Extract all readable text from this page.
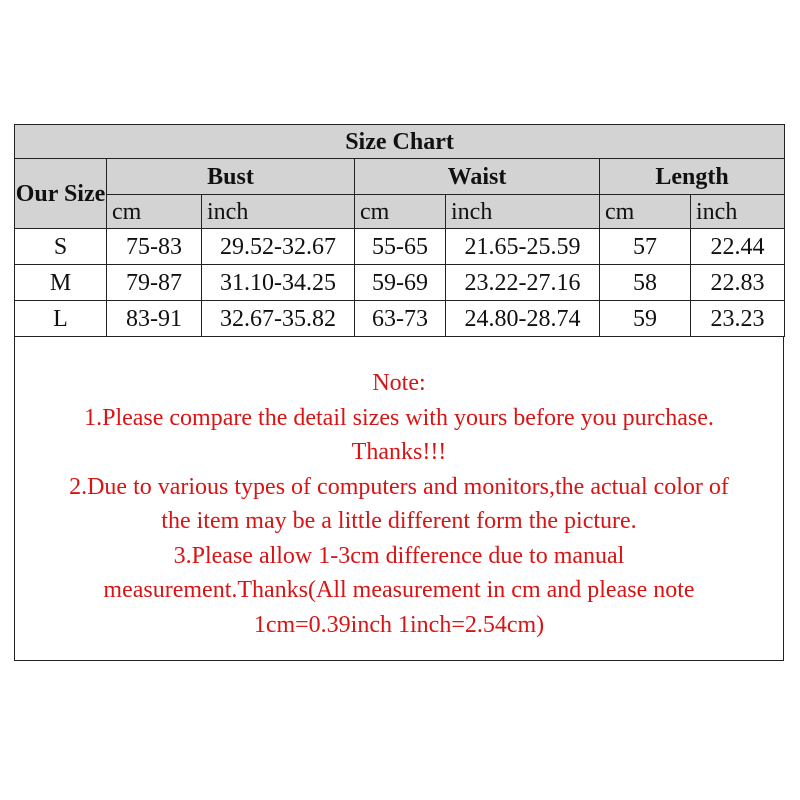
Size Chart						
Our Size	Bust		Waist		Length	
	cm	inch	cm	inch	cm	inch
S	75-83	29.52-32.67	55-65	21.65-25.59	57	22.44
M	79-87	31.10-34.25	59-69	23.22-27.16	58	22.83
L	83-91	32.67-35.82	63-73	24.80-28.74	59	23.23
Note:
1.Please compare the detail sizes with yours before you purchase.
Thanks!!!
2.Due to various types of computers and monitors,the actual color of
the item may be a little different form the picture.
3.Please allow 1-3cm difference due to manual
measurement.Thanks(All measurement in cm and please note
1cm=0.39inch 1inch=2.54cm)
